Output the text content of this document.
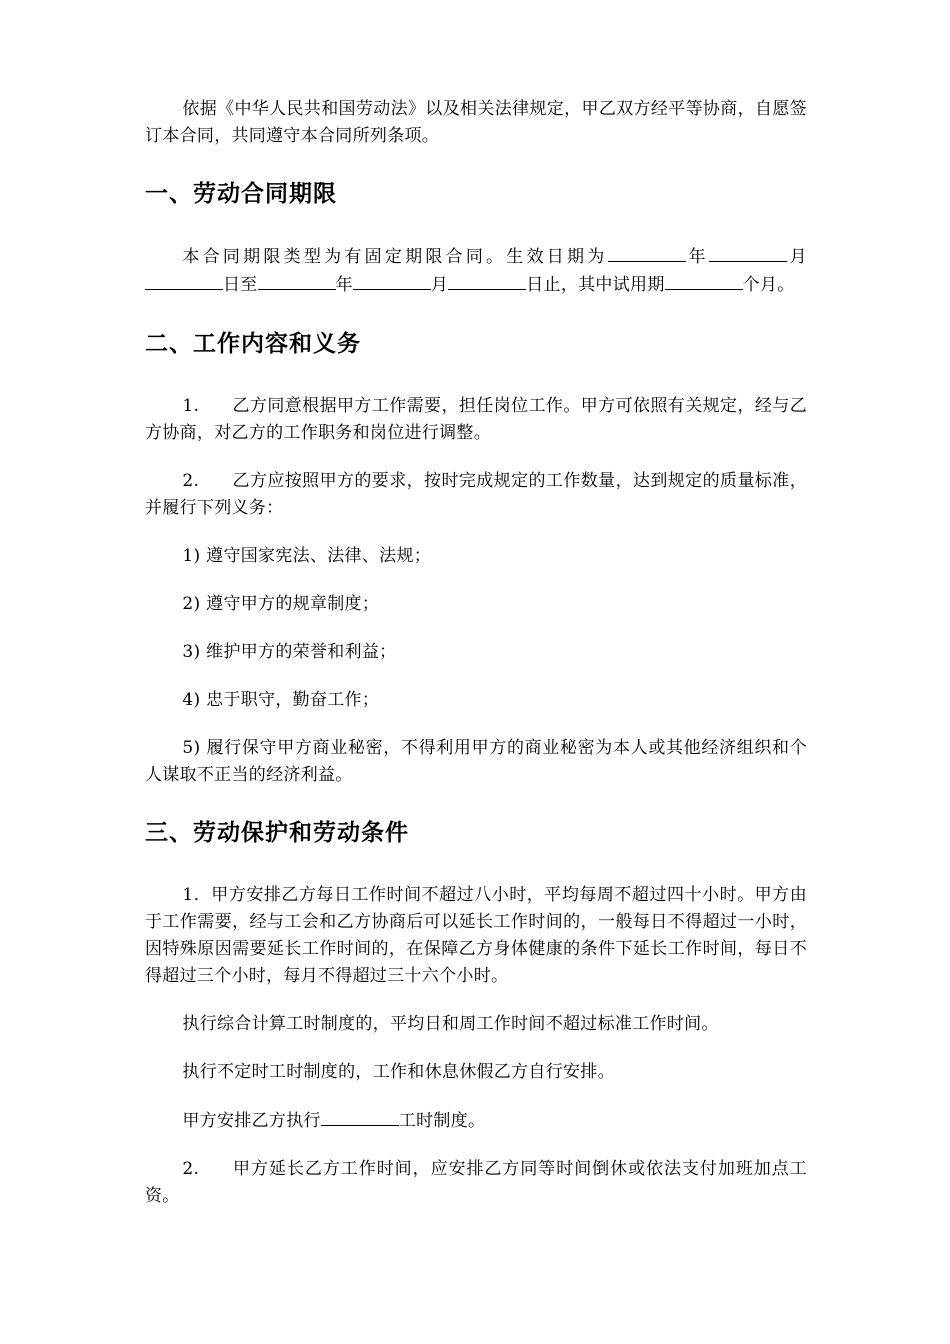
依据《中华人民共和国劳动法》以及相关法律规定，甲乙双方经平等协商，自愿签订本合同，共同遵守本合同所列条项。

一、劳动合同期限

本合同期限类型为有固定期限合同。生效日期为	年	月 日至	年	月	日止，其中试用期	个月。

二、工作内容和义务

1. 乙方同意根据甲方工作需要，担任岗位工作。甲方可依照有关规定，经与乙方协商，对乙方的工作职务和岗位进行调整。

2. 乙方应按照甲方的要求，按时完成规定的工作数量，达到规定的质量标准，并履行下列义务：

1) 遵守国家宪法、法律、法规；

2) 遵守甲方的规章制度；

3) 维护甲方的荣誉和利益；

4) 忠于职守，勤奋工作；

5) 履行保守甲方商业秘密，不得利用甲方的商业秘密为本人或其他经济组织和个人谋取不正当的经济利益。

三、劳动保护和劳动条件

1．甲方安排乙方每日工作时间不超过八小时，平均每周不超过四十小时。甲方由于工作需要，经与工会和乙方协商后可以延长工作时间的，一般每日不得超过一小时，因特殊原因需要延长工作时间的，在保障乙方身体健康的条件下延长工作时间，每日不得超过三个小时，每月不得超过三十六个小时。

执行综合计算工时制度的，平均日和周工作时间不超过标准工作时间。

执行不定时工时制度的，工作和休息休假乙方自行安排。

甲方安排乙方执行	工时制度。

2. 甲方延长乙方工作时间，应安排乙方同等时间倒休或依法支付加班加点工资。
